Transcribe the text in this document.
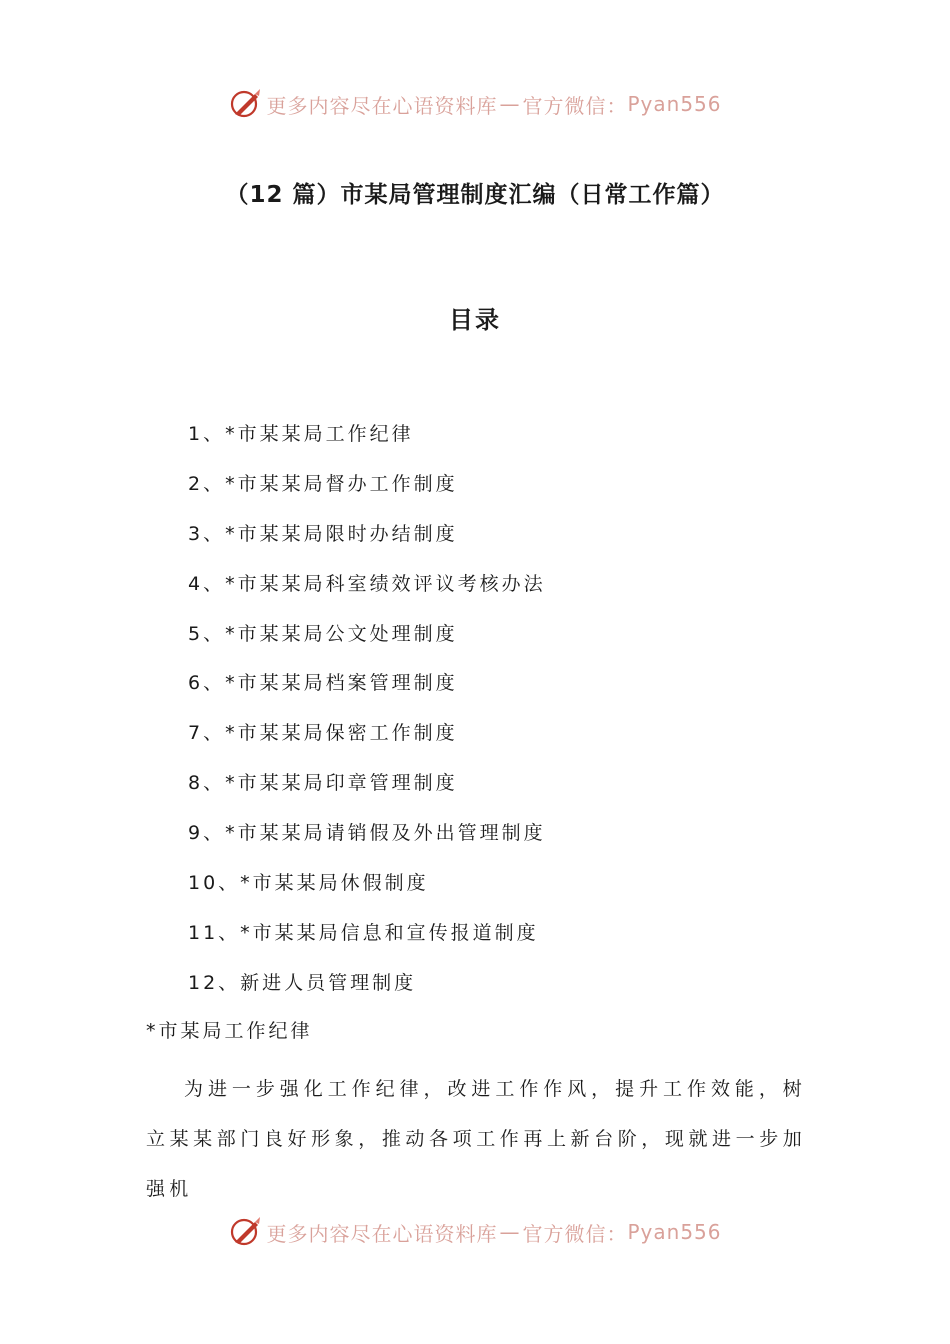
更多内容尽在心语资料库 — 官方微信： Pyan556
（12 篇）市某局管理制度汇编（日常工作篇）
目录
1、*市某某局工作纪律
2、*市某某局督办工作制度
3、*市某某局限时办结制度
4、*市某某局科室绩效评议考核办法
5、*市某某局公文处理制度
6、*市某某局档案管理制度
7、*市某某局保密工作制度
8、*市某某局印章管理制度
9、*市某某局请销假及外出管理制度
10、*市某某局休假制度
11、*市某某局信息和宣传报道制度
12、新进人员管理制度
*市某局工作纪律

为进一步强化工作纪律，改进工作作风，提升工作效能，树立某某部门良好形象，推动各项工作再上新台阶，现就进一步加强机

更多内容尽在心语资料库 — 官方微信： Pyan556
